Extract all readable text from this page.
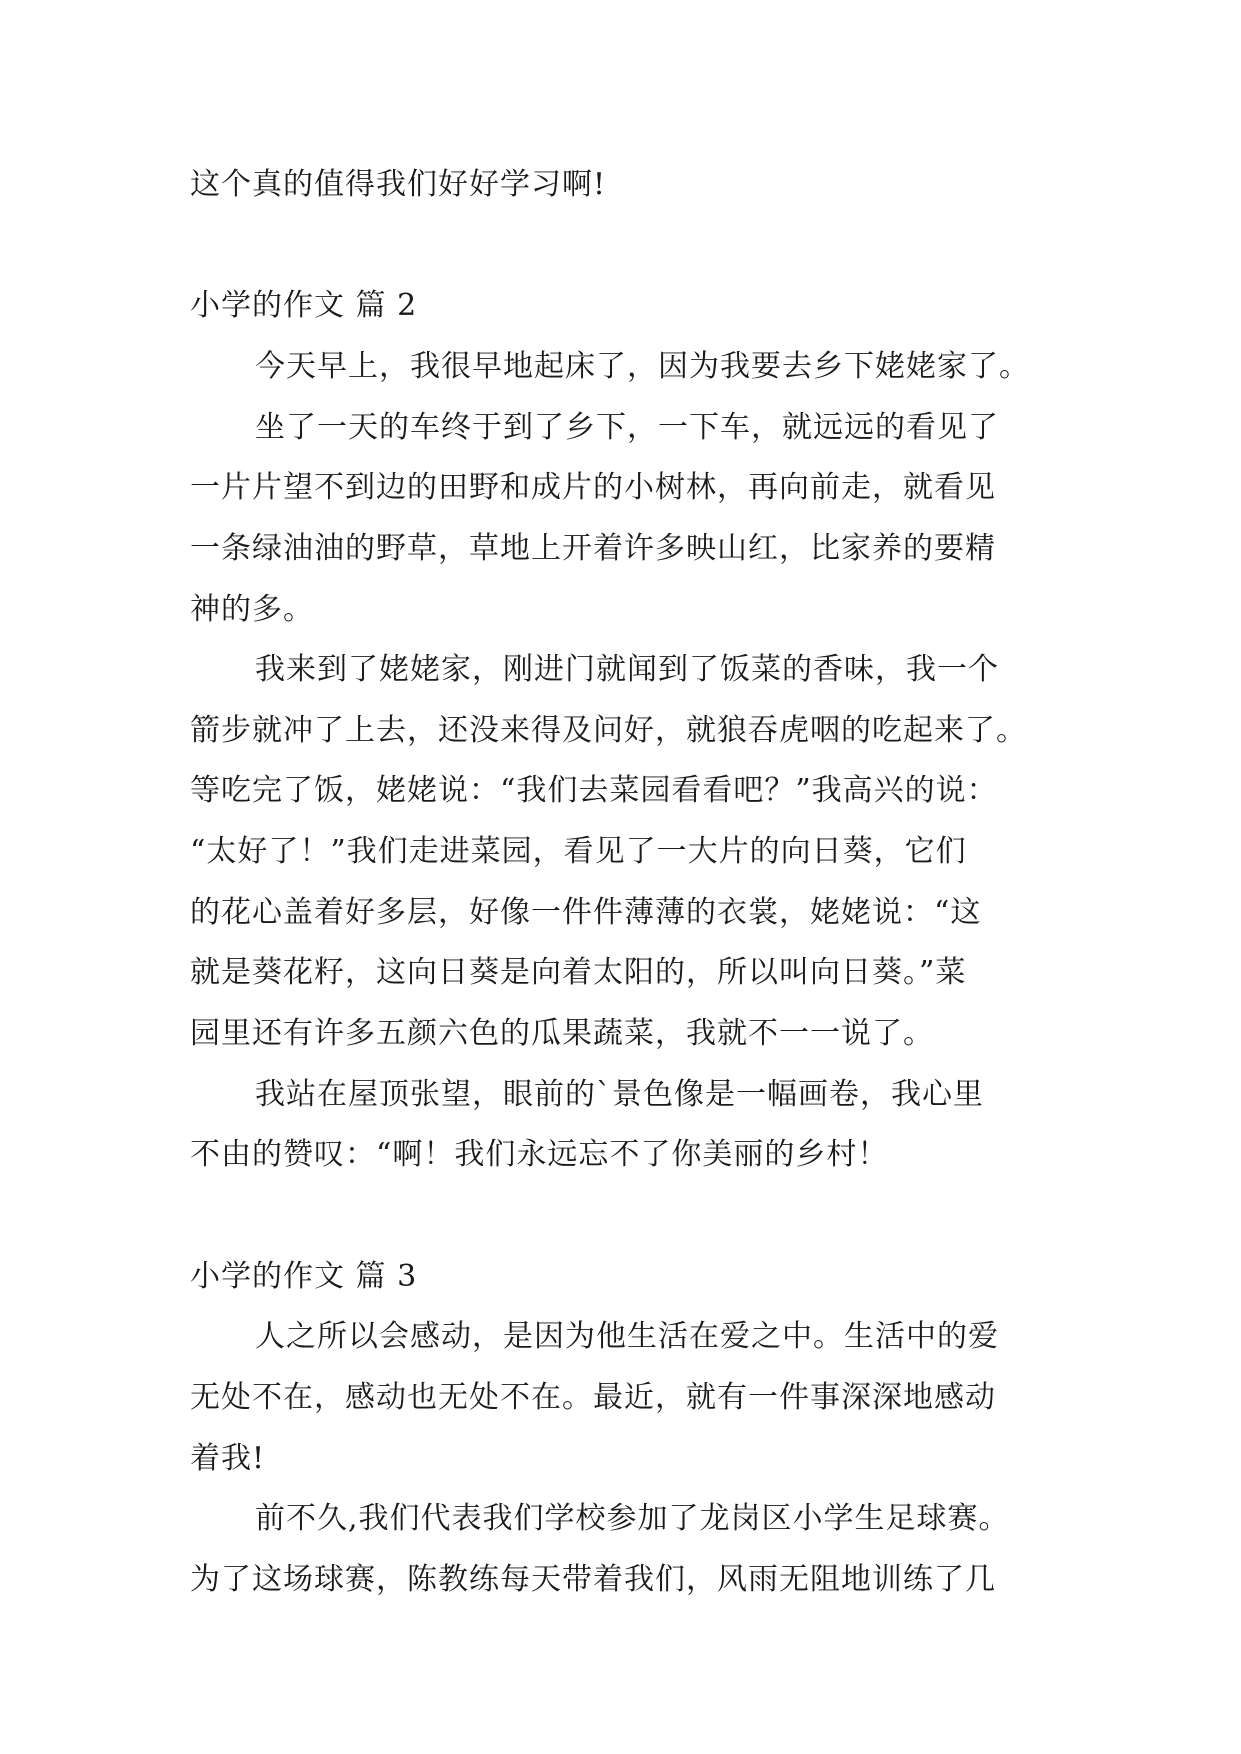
这个真的值得我们好好学习啊!
小学的作文 篇 2
今天早上，我很早地起床了，因为我要去乡下姥姥家了。
坐了一天的车终于到了乡下，一下车，就远远的看见了
一片片望不到边的田野和成片的小树林，再向前走，就看见
一条绿油油的野草，草地上开着许多映山红，比家养的要精
神的多。
我来到了姥姥家，刚进门就闻到了饭菜的香味，我一个
箭步就冲了上去，还没来得及问好，就狼吞虎咽的吃起来了。
等吃完了饭，姥姥说：“我们去菜园看看吧？”我高兴的说：
“太好了！”我们走进菜园，看见了一大片的向日葵，它们
的花心盖着好多层，好像一件件薄薄的衣裳，姥姥说：“这
就是葵花籽，这向日葵是向着太阳的，所以叫向日葵。”菜
园里还有许多五颜六色的瓜果蔬菜，我就不一一说了。
我站在屋顶张望，眼前的`景色像是一幅画卷，我心里
不由的赞叹：“啊！我们永远忘不了你美丽的乡村！
小学的作文 篇 3
人之所以会感动，是因为他生活在爱之中。生活中的爱
无处不在，感动也无处不在。最近，就有一件事深深地感动
着我!
前不久,我们代表我们学校参加了龙岗区小学生足球赛。
为了这场球赛，陈教练每天带着我们，风雨无阻地训练了几
